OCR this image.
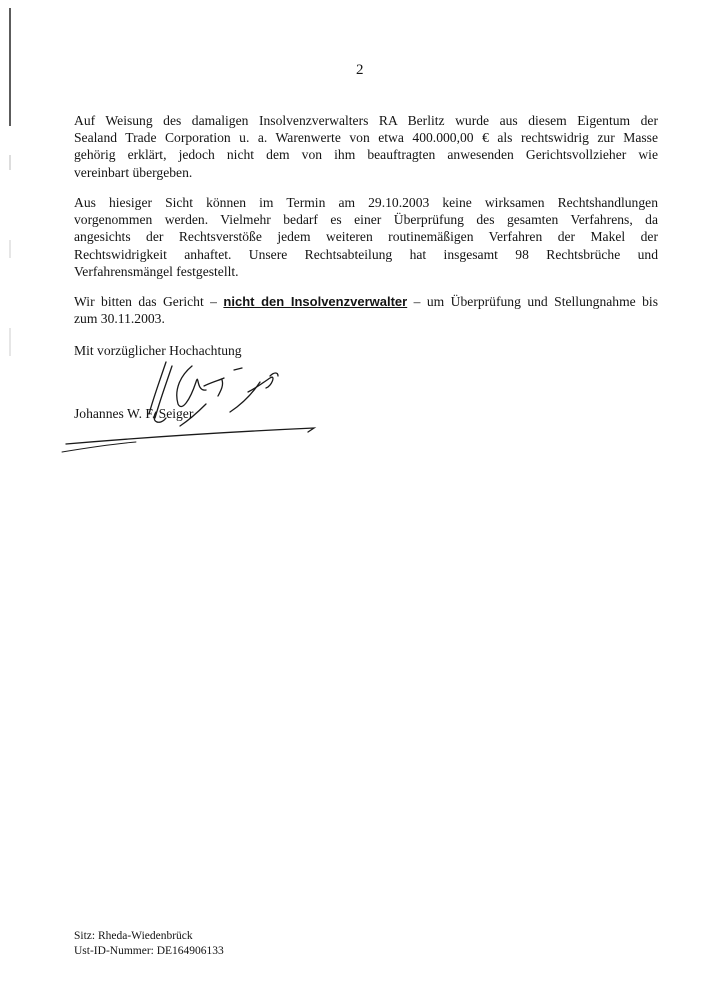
2

Auf Weisung des damaligen Insolvenzverwalters RA Berlitz wurde aus diesem Eigentum der
Sealand Trade Corporation u. a. Warenwerte von etwa 400.000,00 € als rechtswidrig zur Masse
gehörig erklärt, jedoch nicht dem von ihm beauftragten anwesenden Gerichtsvollzieher wie
vereinbart übergeben.

Aus hiesiger Sicht können im Termin am 29.10.2003 keine wirksamen Rechtshandlungen
vorgenommen werden. Vielmehr bedarf es einer Überprüfung des gesamten Verfahrens, da
angesichts der Rechtsverstöße jedem weiteren routinemäßigen Verfahren der Makel der
Rechtswidrigkeit anhaftet. Unsere Rechtsabteilung hat insgesamt 98 Rechtsbrüche und
Verfahrensmängel festgestellt.

Wir bitten das Gericht – nicht den Insolvenzverwalter – um Überprüfung und Stellungnahme bis
zum 30.11.2003.

Mit vorzüglicher Hochachtung
Johannes W. F. Seiger
Sitz: Rheda-Wiedenbrück
Ust-ID-Nummer: DE164906133
